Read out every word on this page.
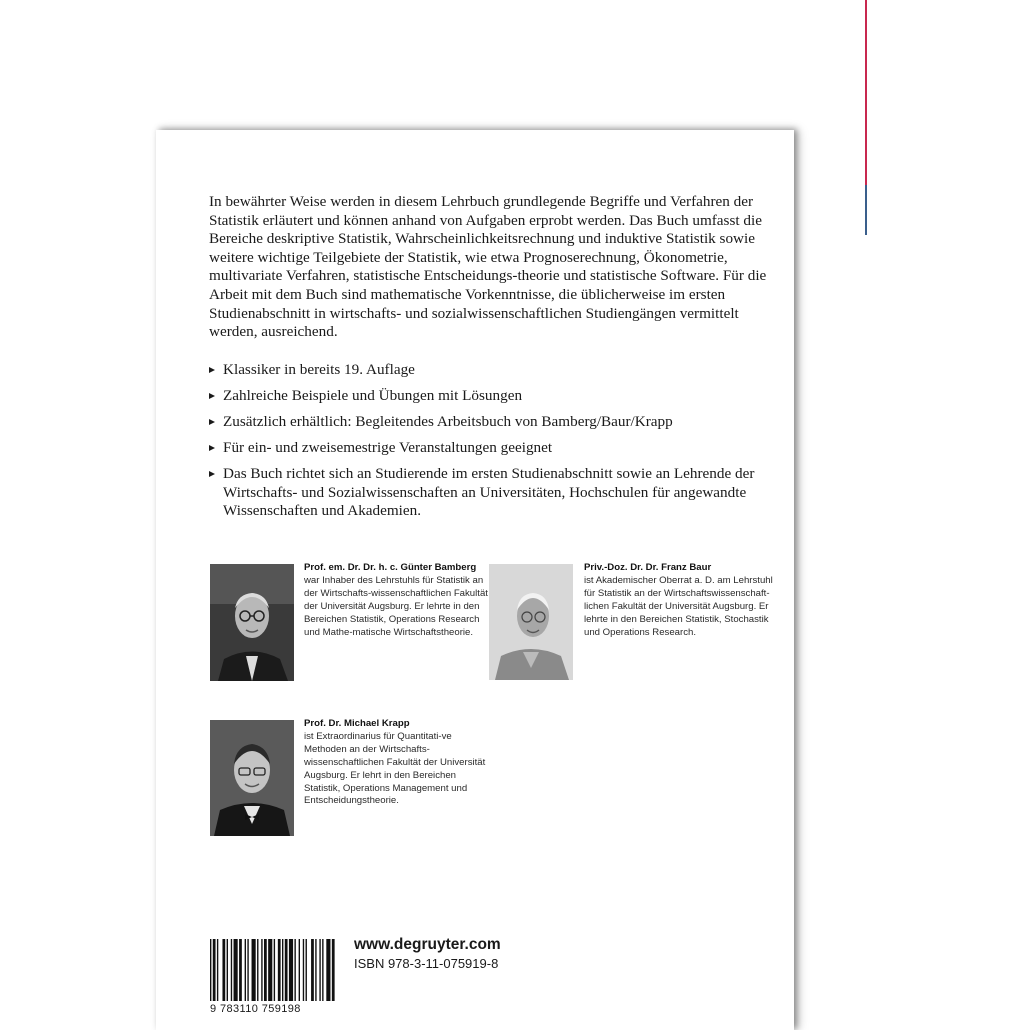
In bewährter Weise werden in diesem Lehrbuch grundlegende Begriffe und Verfahren der Statistik erläutert und können anhand von Aufgaben erprobt werden. Das Buch umfasst die Bereiche deskriptive Statistik, Wahrscheinlichkeitsrechnung und induktive Statistik sowie weitere wichtige Teilgebiete der Statistik, wie etwa Prognoserechnung, Ökonometrie, multivariate Verfahren, statistische Entscheidungs-theorie und statistische Software. Für die Arbeit mit dem Buch sind mathematische Vorkenntnisse, die üblicherweise im ersten Studienabschnitt in wirtschafts- und sozialwissenschaftlichen Studiengängen vermittelt werden, ausreichend.

Klassiker in bereits 19. Auflage
Zahlreiche Beispiele und Übungen mit Lösungen
Zusätzlich erhältlich: Begleitendes Arbeitsbuch von Bamberg/Baur/Krapp
Für ein- und zweisemestrige Veranstaltungen geeignet
Das Buch richtet sich an Studierende im ersten Studienabschnitt sowie an Lehrende der Wirtschafts- und Sozialwissenschaften an Universitäten, Hochschulen für angewandte Wissenschaften und Akademien.
Prof. em. Dr. Dr. h. c. Günter Bamberg
war Inhaber des Lehrstuhls für Statistik an der Wirtschafts-wissenschaftlichen Fakultät der Universität Augsburg. Er lehrte in den Bereichen Statistik, Operations Research und Mathe-matische Wirtschaftstheorie.
Priv.-Doz. Dr. Dr. Franz Baur
ist Akademischer Oberrat a. D. am Lehrstuhl für Statistik an der Wirtschaftswissenschaft-lichen Fakultät der Universität Augsburg. Er lehrte in den Bereichen Statistik, Stochastik und Operations Research.
Prof. Dr. Michael Krapp
ist Extraordinarius für Quantitati-ve Methoden an der Wirtschafts-wissenschaftlichen Fakultät der Universität Augsburg. Er lehrt in den Bereichen Statistik, Operations Management und Entscheidungstheorie.
9 783110 759198
www.degruyter.com
ISBN 978-3-11-075919-8
